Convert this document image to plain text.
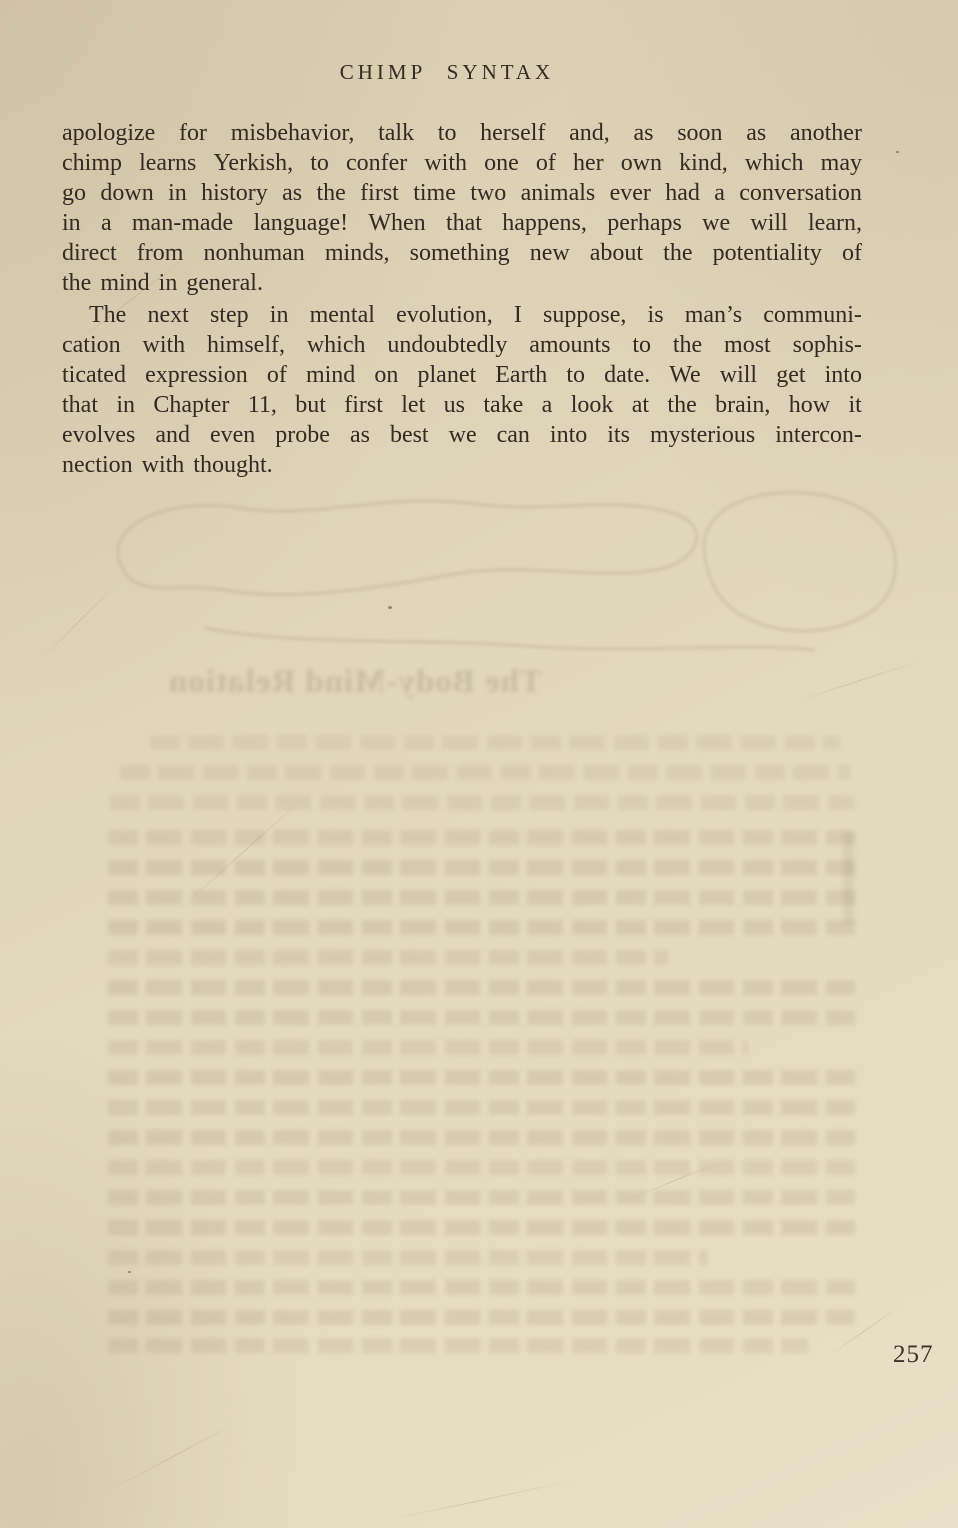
The Body-Mind Relation
CHIMP SYNTAX
apologize for misbehavior, talk to herself and, as soon as another
chimp learns Yerkish, to confer with one of her own kind, which may
go down in history as the first time two animals ever had a conversation
in a man-made language! When that happens, perhaps we will learn,
direct from nonhuman minds, something new about the potentiality of
the mind in general.
The next step in mental evolution, I suppose, is man’s communi-
cation with himself, which undoubtedly amounts to the most sophis-
ticated expression of mind on planet Earth to date. We will get into
that in Chapter 11, but first let us take a look at the brain, how it
evolves and even probe as best we can into its mysterious intercon-
nection with thought.
257
